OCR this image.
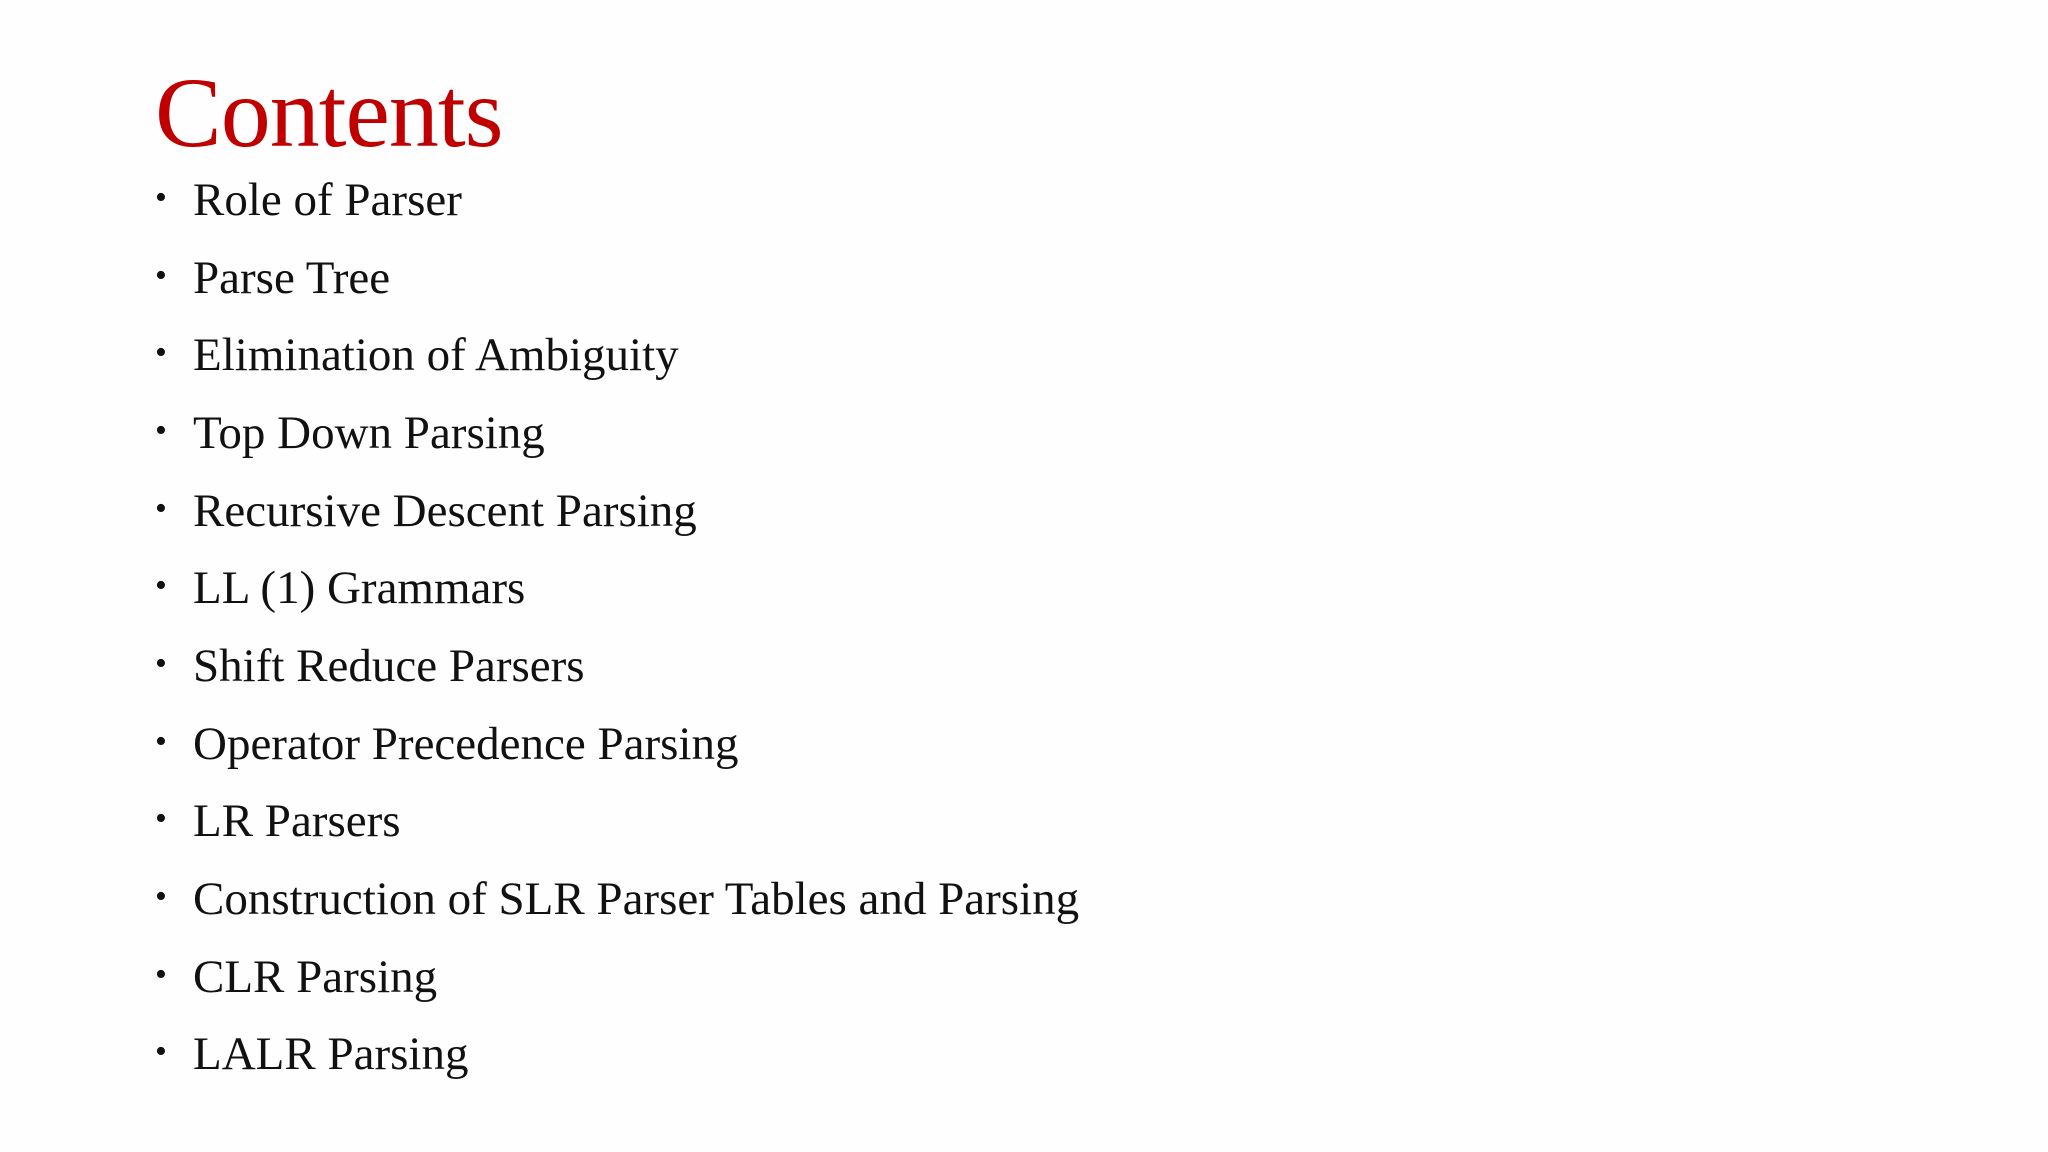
Contents
• Role of Parser
• Parse Tree
• Elimination of Ambiguity
• Top Down Parsing
• Recursive Descent Parsing
• LL (1) Grammars
• Shift Reduce Parsers
• Operator Precedence Parsing
• LR Parsers
• Construction of SLR Parser Tables and Parsing
• CLR Parsing
• LALR Parsing
